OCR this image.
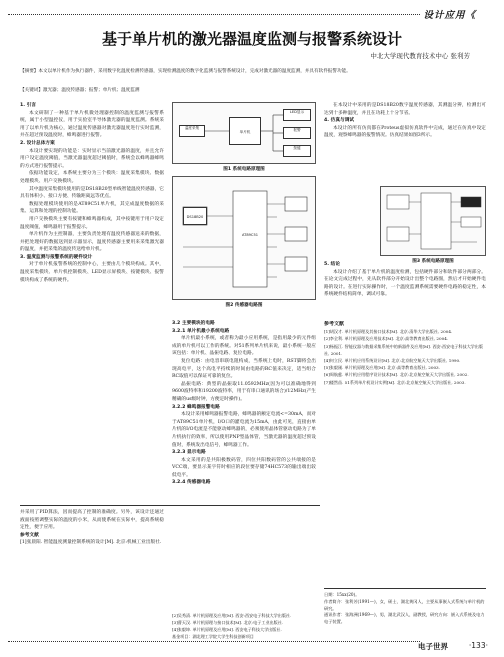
设计应用《
基于单片机的激光器温度监测与报警系统设计
中北大学现代教育技术中心 张利芳
【摘要】本文以单片机作为执行器件，采用数字化温度检测传感器，实现检测温度的数字化监测与报警系统设计，完成对激光器的温度监测，并具有软件报警功能。
【关键词】激光器；温度传感器；报警；单片机；温度监测

1. 引言

本文研制了一种基于单片机微处理器控制的温度监测与报警系统，属于小型温控仪，用于实验室半导体激光器的温度监测。系统采用了以单片机为核心，通过温度传感器对激光器温度进行实时监测，并在超过预设温度时，蜂鸣器进行报警。

2. 设计总体方案

本设计要实现的功能是：实时显示当前激光器的温度，并且允许用户设定温度阈值，当激光器温度超过阈值时，系统会以蜂鸣器蜂鸣的方式进行报警提示。

依据功能设定，本系统主要分为三个模块：温度采集模块、数据处理模块、用户交换模块。

其中温度采集模块使用的是DS18B20型单线智能温度传感器，它具有体积小、接口方便、传输距离远等优点。

数据处理模块使用的是AT89C51单片机，其完成温度数据的采集、运算和处理的控制功能。

用户交换模块主要有按键和蜂鸣器构成，其中按键用于用户设定温度阈值，蜂鸣器用于报警提示。

单片机作为主控制器，主要负责处理有温度传感器送来的数据，并把处理好的数据送到显示器显示，温度传感器主要用来采集激光器的温度，并把采集的温度传送给单片机。

3. 温度监测与报警系统的硬件设计

对于单片机报警系统的控制中心，主要由几个模块构成。其中，温度采集模块、单片机控制模块、LED显示屏模块、按键模块、报警模块构成了系统的硬件。

温度采集
单片机
LED显示
报警
按键
图1 系统电路原理图
DS18B20
AT89C51
图2 传感器电路图

3.2 主要模块的电路

3.2.1 单片机最小系统电路

单片机最小系统，或者称为最小应用系统，是指用最少的元件组成的单片机可以工作的系统。对51系列单片机来说，最小系统一般应该包括：单片机、晶振电路、复位电路。

复位电路：由电容串联电阻构成，当系统上电时，RST脚将会出现高电平，这个高电平持续的时间由电路的RC值来决定，适当组合RC取值可以保证可靠的复位。

晶振电路：典型的晶振取11.0592MHz(因为可以准确地得到9600波特率和19200波特率，用于有串口通讯的场合)/12MHz(产生精确的us级时钟，方便定时操作)。

3.2.2 蜂鸣器报警电路

本设计采用蜂鸣器报警电路，蜂鸣器的额定电流<=30mA，而对于AT89C51单片机，I/O口的灌电流为15mA，由此可见，直接由单片机的I/O电流是不能驱动蜂鸣器的，必须使用晶体管驱动电路为了单片机执行的效率，所以使用PNP型晶体管，当激光器的温度超过预设值时，系统发出电信号，蜂鸣器工作。

3.2.3 显示电路

本文采用的是共阳极数码管，四位共阳数码管的公共端接的是VCC端，要显示某字符时相应的段位要存储74HC573的输出端出较低电平。

3.2.4 传感器电路

在本设计中采用的是DS18B20数字温度传感器，其测温分辨，检测出可达到十多种温度，并且在功耗上十分节省。

4. 仿真与调试

本设计的所有仿真都在Proteus虚拟仿真软件中完成，通过在仿真中设定温度，观察蜂鸣器的报警情况。仿真结果如图3所示。

图3 系统电路原理图

5. 结论

本设计介绍了基于单片机的温度检测，包括硬件部分和软件部分两部分。在论文完成过程中，先从软件部分开始设计出整个电路图，然后才开始硬件电路的设计。在进行实际操作时，一个温度监测系统需要硬件电路的稳定性，本系统硬件结构简单，调试可靠。

参考文献
[1]胡汉才. 单片机原理及其接口技术[M]. 北京:清华大学出版社, 2004.
[2]李全利. 单片机原理及应用技术[M]. 北京:高等教育出版社, 2004.
[3]杨振江. 智能仪器与数据采集系统中的新器件及应用[M]. 西安:西安电子科技大学出版社, 2001.
[4]何立民. 单片机应用系统设计[M]. 北京:北京航空航天大学出版社, 1990.
[5]张毅刚. 单片机原理及应用[M]. 北京:高等教育出版社, 2003.
[6]周航慈. 单片机应用程序设计技术[M]. 北京:北京航空航天大学出版社, 2002.
[7]楼然苗. 51系列单片机设计实例[M]. 北京:北京航空航天大学出版社, 2003.
并采用了PID算法，因而提高了控制的准确度。另外，该设计还通过液面按照调整实际的温度的小米，从而使系统在实际中，提高系统稳定性，便于应用。
参考文献
[1]张晨阳. 智能温度测量控制系统的设计[M]. 北京:机械工业出版社.
[2]吴秀清. 单片机原理及应用[M]. 西安:西安电子科技大学出版社.
[3]曹天汉. 单片机原理与接口技术[M]. 北京:电子工业出版社.
[4]张毅坤. 单片机原理及应用[M]. 西安电子科技大学出版社.
基金项目：湖北理工学院大学生科技创新项目
日期：15xx(20)。
作者简介：张利芳(1991—)，女，硕士，湖北黄冈人，主要从事嵌入式系统与单片机的研究。
通讯作者：张海洲(1969—)，男，湖北武汉人，副教授，研究方向：嵌入式系统及电力电子装置。
电子世界	·133·
